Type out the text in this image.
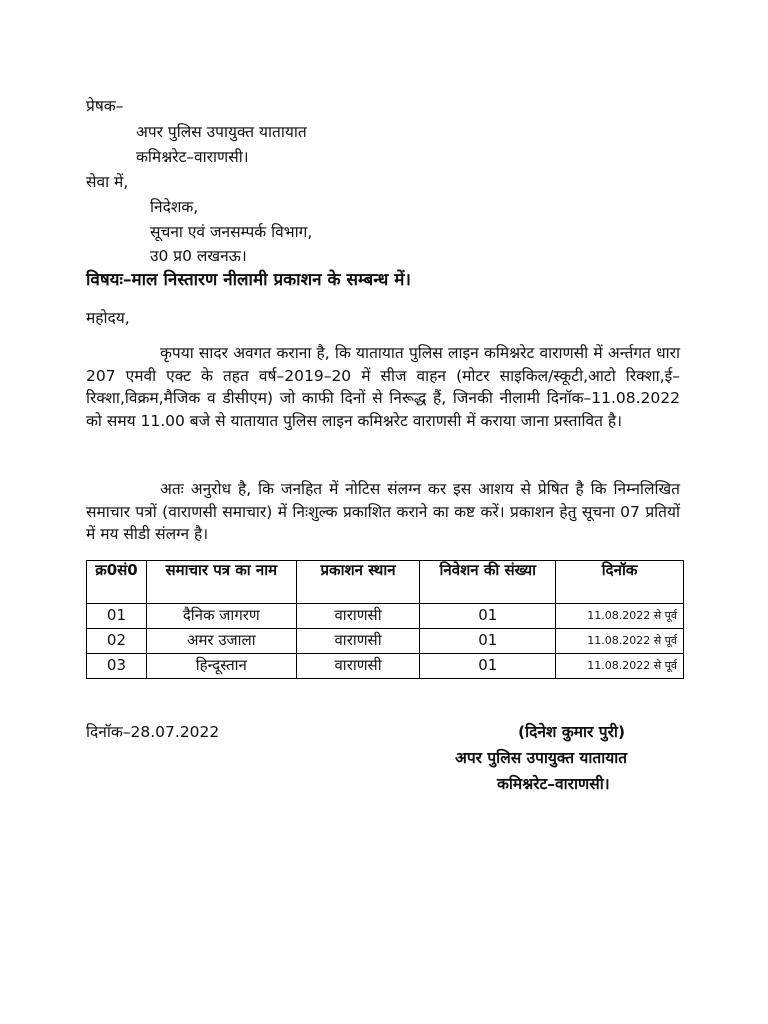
प्रेषक–
अपर पुलिस उपायुक्त यातायात
कमिश्नरेट–वाराणसी।
सेवा में,
निदेशक,
सूचना एवं जनसम्पर्क विभाग,
उ0 प्र0 लखनऊ।
विषयः–माल निस्तारण नीलामी प्रकाशन के सम्बन्ध में।
महोदय,
कृपया सादर अवगत कराना है, कि यातायात पुलिस लाइन कमिश्नरेट वाराणसी में अर्न्तगत धारा 207 एमवी एक्ट के तहत वर्ष–2019–20 में सीज वाहन (मोटर साइकिल/स्कूटी,आटो रिक्शा,ई–रिक्शा,विक्रम,मैजिक व डीसीएम) जो काफी दिनों से निरूद्ध हैं, जिनकी नीलामी दिनॉक–11.08.2022 को समय 11.00 बजे से यातायात पुलिस लाइन कमिश्नरेट वाराणसी में कराया जाना प्रस्तावित है।
अतः अनुरोध है, कि जनहित में नोटिस संलग्न कर इस आशय से प्रेषित है कि निम्नलिखित समाचार पत्रों (वाराणसी समाचार) में निःशुल्क प्रकाशित कराने का कष्ट करें। प्रकाशन हेतु सूचना 07 प्रतियों में मय सीडी संलग्न है।
क्र0सं0	समाचार पत्र का नाम	प्रकाशन स्थान	निवेशन की संख्या	दिनॉक
01	दैनिक जागरण	वाराणसी	01	11.08.2022 से पूर्व
02	अमर उजाला	वाराणसी	01	11.08.2022 से पूर्व
03	हिन्दूस्तान	वाराणसी	01	11.08.2022 से पूर्व
दिनॉक–28.07.2022	(दिनेश कुमार पुरी)
अपर पुलिस उपायुक्त यातायात
कमिश्नरेट–वाराणसी।
